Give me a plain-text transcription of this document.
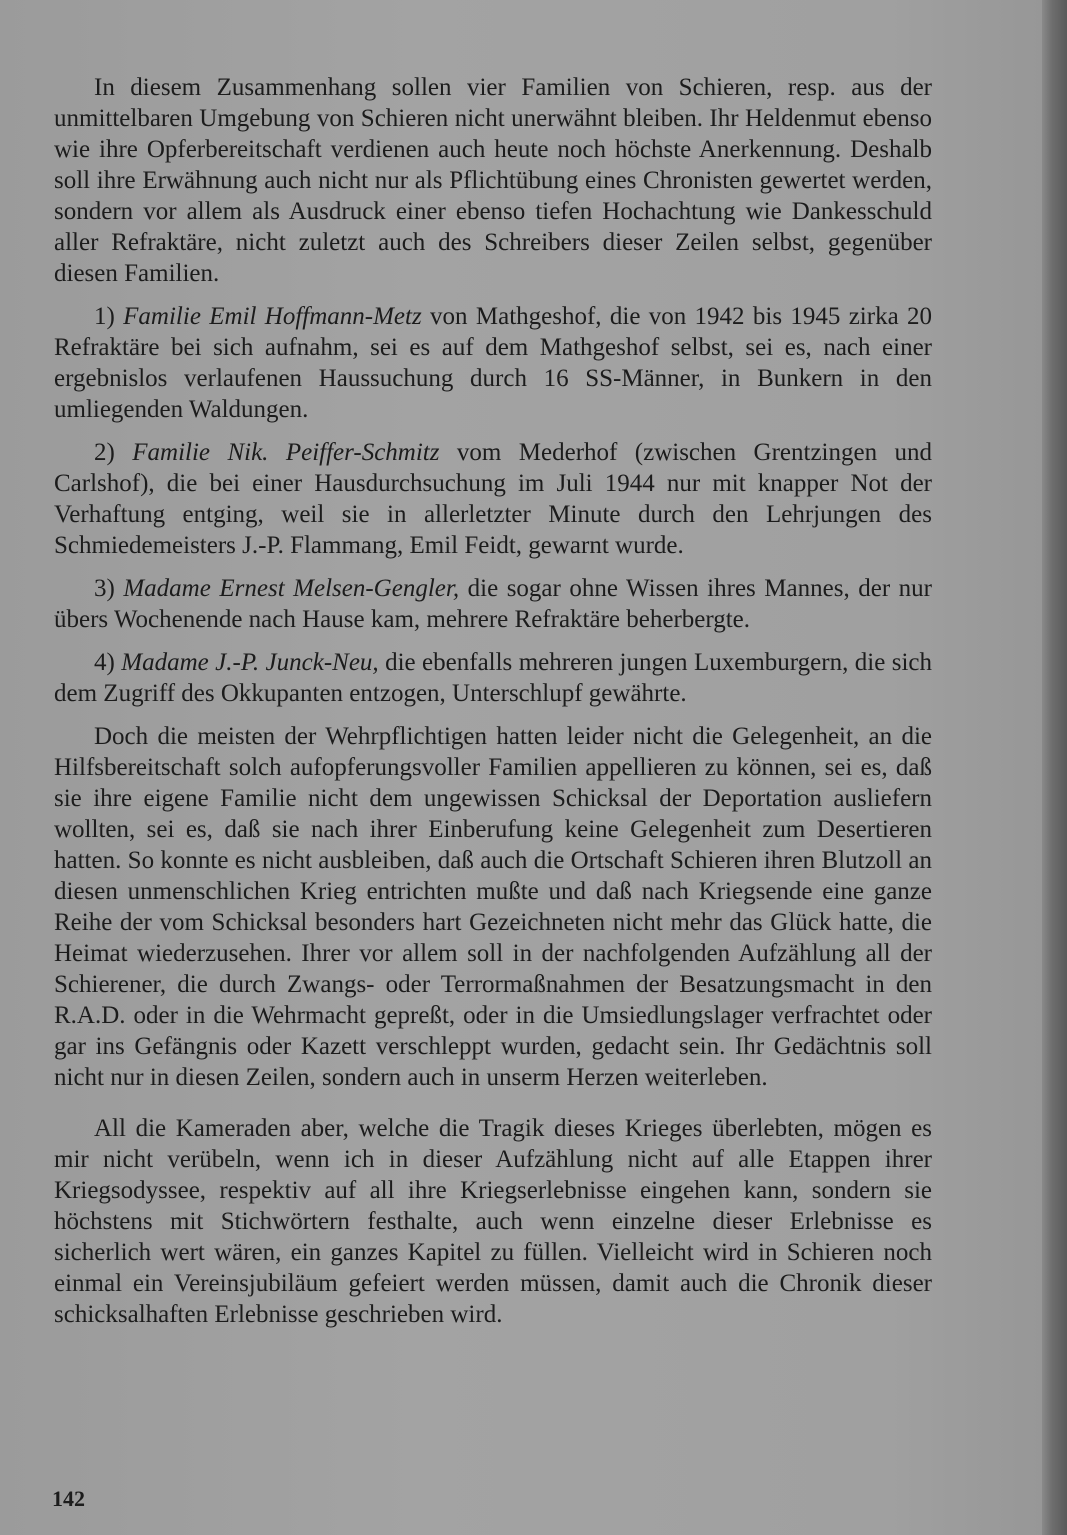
In diesem Zusammenhang sollen vier Familien von Schieren, resp. aus der unmittelbaren Umgebung von Schieren nicht unerwähnt bleiben. Ihr Heldenmut ebenso wie ihre Opferbereitschaft verdienen auch heute noch höchste Anerkennung. Deshalb soll ihre Erwähnung auch nicht nur als Pflichtübung eines Chronisten gewertet werden, sondern vor allem als Ausdruck einer ebenso tiefen Hochachtung wie Dankesschuld aller Refraktäre, nicht zuletzt auch des Schreibers dieser Zeilen selbst, gegenüber diesen Familien.

1) Familie Emil Hoffmann-Metz von Mathgeshof, die von 1942 bis 1945 zirka 20 Refraktäre bei sich aufnahm, sei es auf dem Mathgeshof selbst, sei es, nach einer ergebnislos verlaufenen Haussuchung durch 16 SS-Männer, in Bunkern in den umliegenden Waldungen.

2) Familie Nik. Peiffer-Schmitz vom Mederhof (zwischen Grentzingen und Carlshof), die bei einer Hausdurchsuchung im Juli 1944 nur mit knapper Not der Verhaftung entging, weil sie in allerletzter Minute durch den Lehrjungen des Schmiedemeisters J.-P. Flammang, Emil Feidt, gewarnt wurde.

3) Madame Ernest Melsen-Gengler, die sogar ohne Wissen ihres Mannes, der nur übers Wochenende nach Hause kam, mehrere Refraktäre beherbergte.

4) Madame J.-P. Junck-Neu, die ebenfalls mehreren jungen Luxemburgern, die sich dem Zugriff des Okkupanten entzogen, Unterschlupf gewährte.

Doch die meisten der Wehrpflichtigen hatten leider nicht die Gelegenheit, an die Hilfsbereitschaft solch aufopferungsvoller Familien appellieren zu können, sei es, daß sie ihre eigene Familie nicht dem ungewissen Schicksal der Deportation ausliefern wollten, sei es, daß sie nach ihrer Einberufung keine Gelegenheit zum Desertieren hatten. So konnte es nicht ausbleiben, daß auch die Ortschaft Schieren ihren Blutzoll an diesen unmenschlichen Krieg entrichten mußte und daß nach Kriegsende eine ganze Reihe der vom Schicksal besonders hart Gezeichneten nicht mehr das Glück hatte, die Heimat wiederzusehen. Ihrer vor allem soll in der nachfolgenden Aufzählung all der Schierener, die durch Zwangs- oder Terrormaßnahmen der Besatzungsmacht in den R.A.D. oder in die Wehrmacht gepreßt, oder in die Umsiedlungslager verfrachtet oder gar ins Gefängnis oder Kazett verschleppt wurden, gedacht sein. Ihr Gedächtnis soll nicht nur in diesen Zeilen, sondern auch in unserm Herzen weiterleben.

All die Kameraden aber, welche die Tragik dieses Krieges überlebten, mögen es mir nicht verübeln, wenn ich in dieser Aufzählung nicht auf alle Etappen ihrer Kriegsodyssee, respektiv auf all ihre Kriegserlebnisse eingehen kann, sondern sie höchstens mit Stichwörtern festhalte, auch wenn einzelne dieser Erlebnisse es sicherlich wert wären, ein ganzes Kapitel zu füllen. Vielleicht wird in Schieren noch einmal ein Vereinsjubiläum gefeiert werden müssen, damit auch die Chronik dieser schicksalhaften Erlebnisse geschrieben wird.

142
